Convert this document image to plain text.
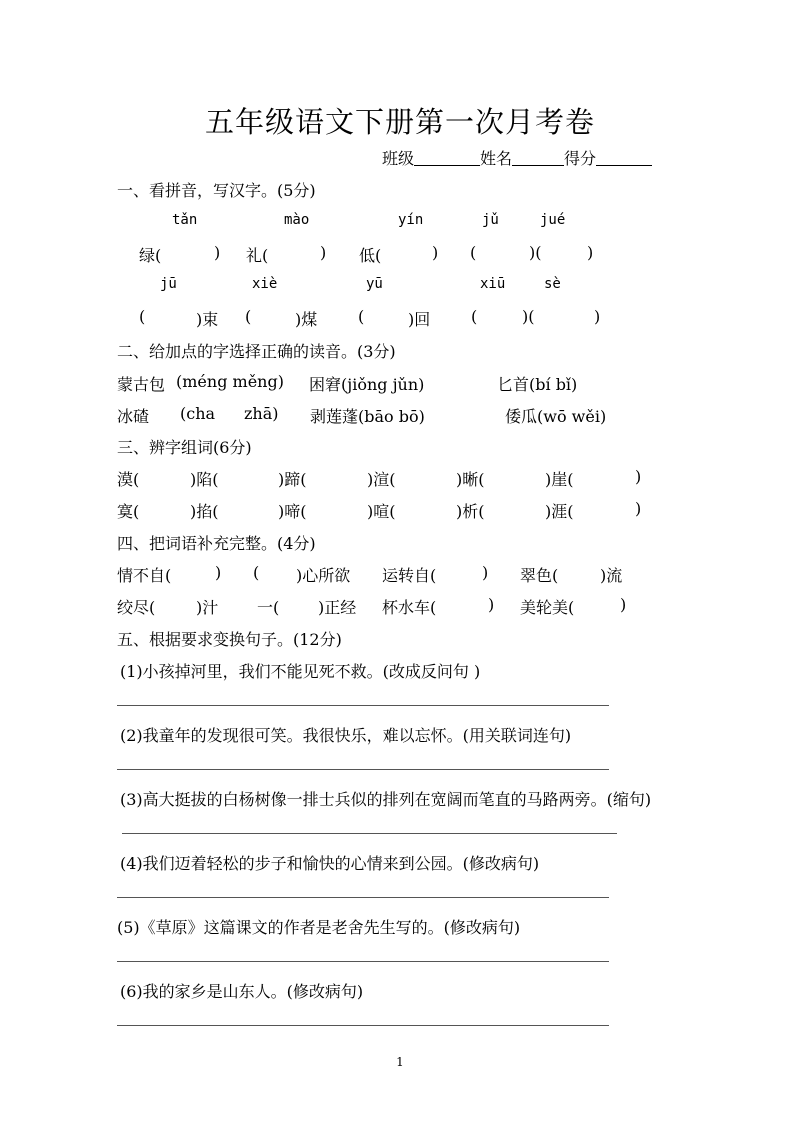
五年级语文下册第一次月考卷
班级	姓名	得分
一、看拼音，写汉字。(5分)
tǎn	mào	yín	jǔ	jué
绿(	) 礼(	) 低(	) (	)(	)
jū	xiè	yū	xiū	sè
(	)束 (	)煤	(	)回	(	)(	)
二、给加点的字选择正确的读音。(3分)
蒙古包 (méng měng) 困窘(jiǒng jǔn)	匕首(bí bǐ)
冰碴 (cha zhā) 剥莲蓬(bāo bō)	倭瓜(wō wěi)
三、辨字组词(6分)
漠(	)陷(	)蹄(	)渲(	)晰(	)崖(	)
寞(	)掐(	)啼(	)喧(	)析(	)涯(	)
四、把词语补充完整。(4分)
情不自(	) ( )心所欲 运转自(	) 翠色(	)流
绞尽(	)汁 一( )正经 杯水车(	) 美轮美(	)
五、根据要求变换句子。(12分)
(1)小孩掉河里，我们不能见死不救。(改成反问句 )
(2)我童年的发现很可笑。我很快乐，难以忘怀。(用关联词连句)
(3)高大挺拔的白杨树像一排士兵似的排列在宽阔而笔直的马路两旁。(缩句)
(4)我们迈着轻松的步子和愉快的心情来到公园。(修改病句)
(5)《草原》这篇课文的作者是老舍先生写的。(修改病句)
(6)我的家乡是山东人。(修改病句)
1
